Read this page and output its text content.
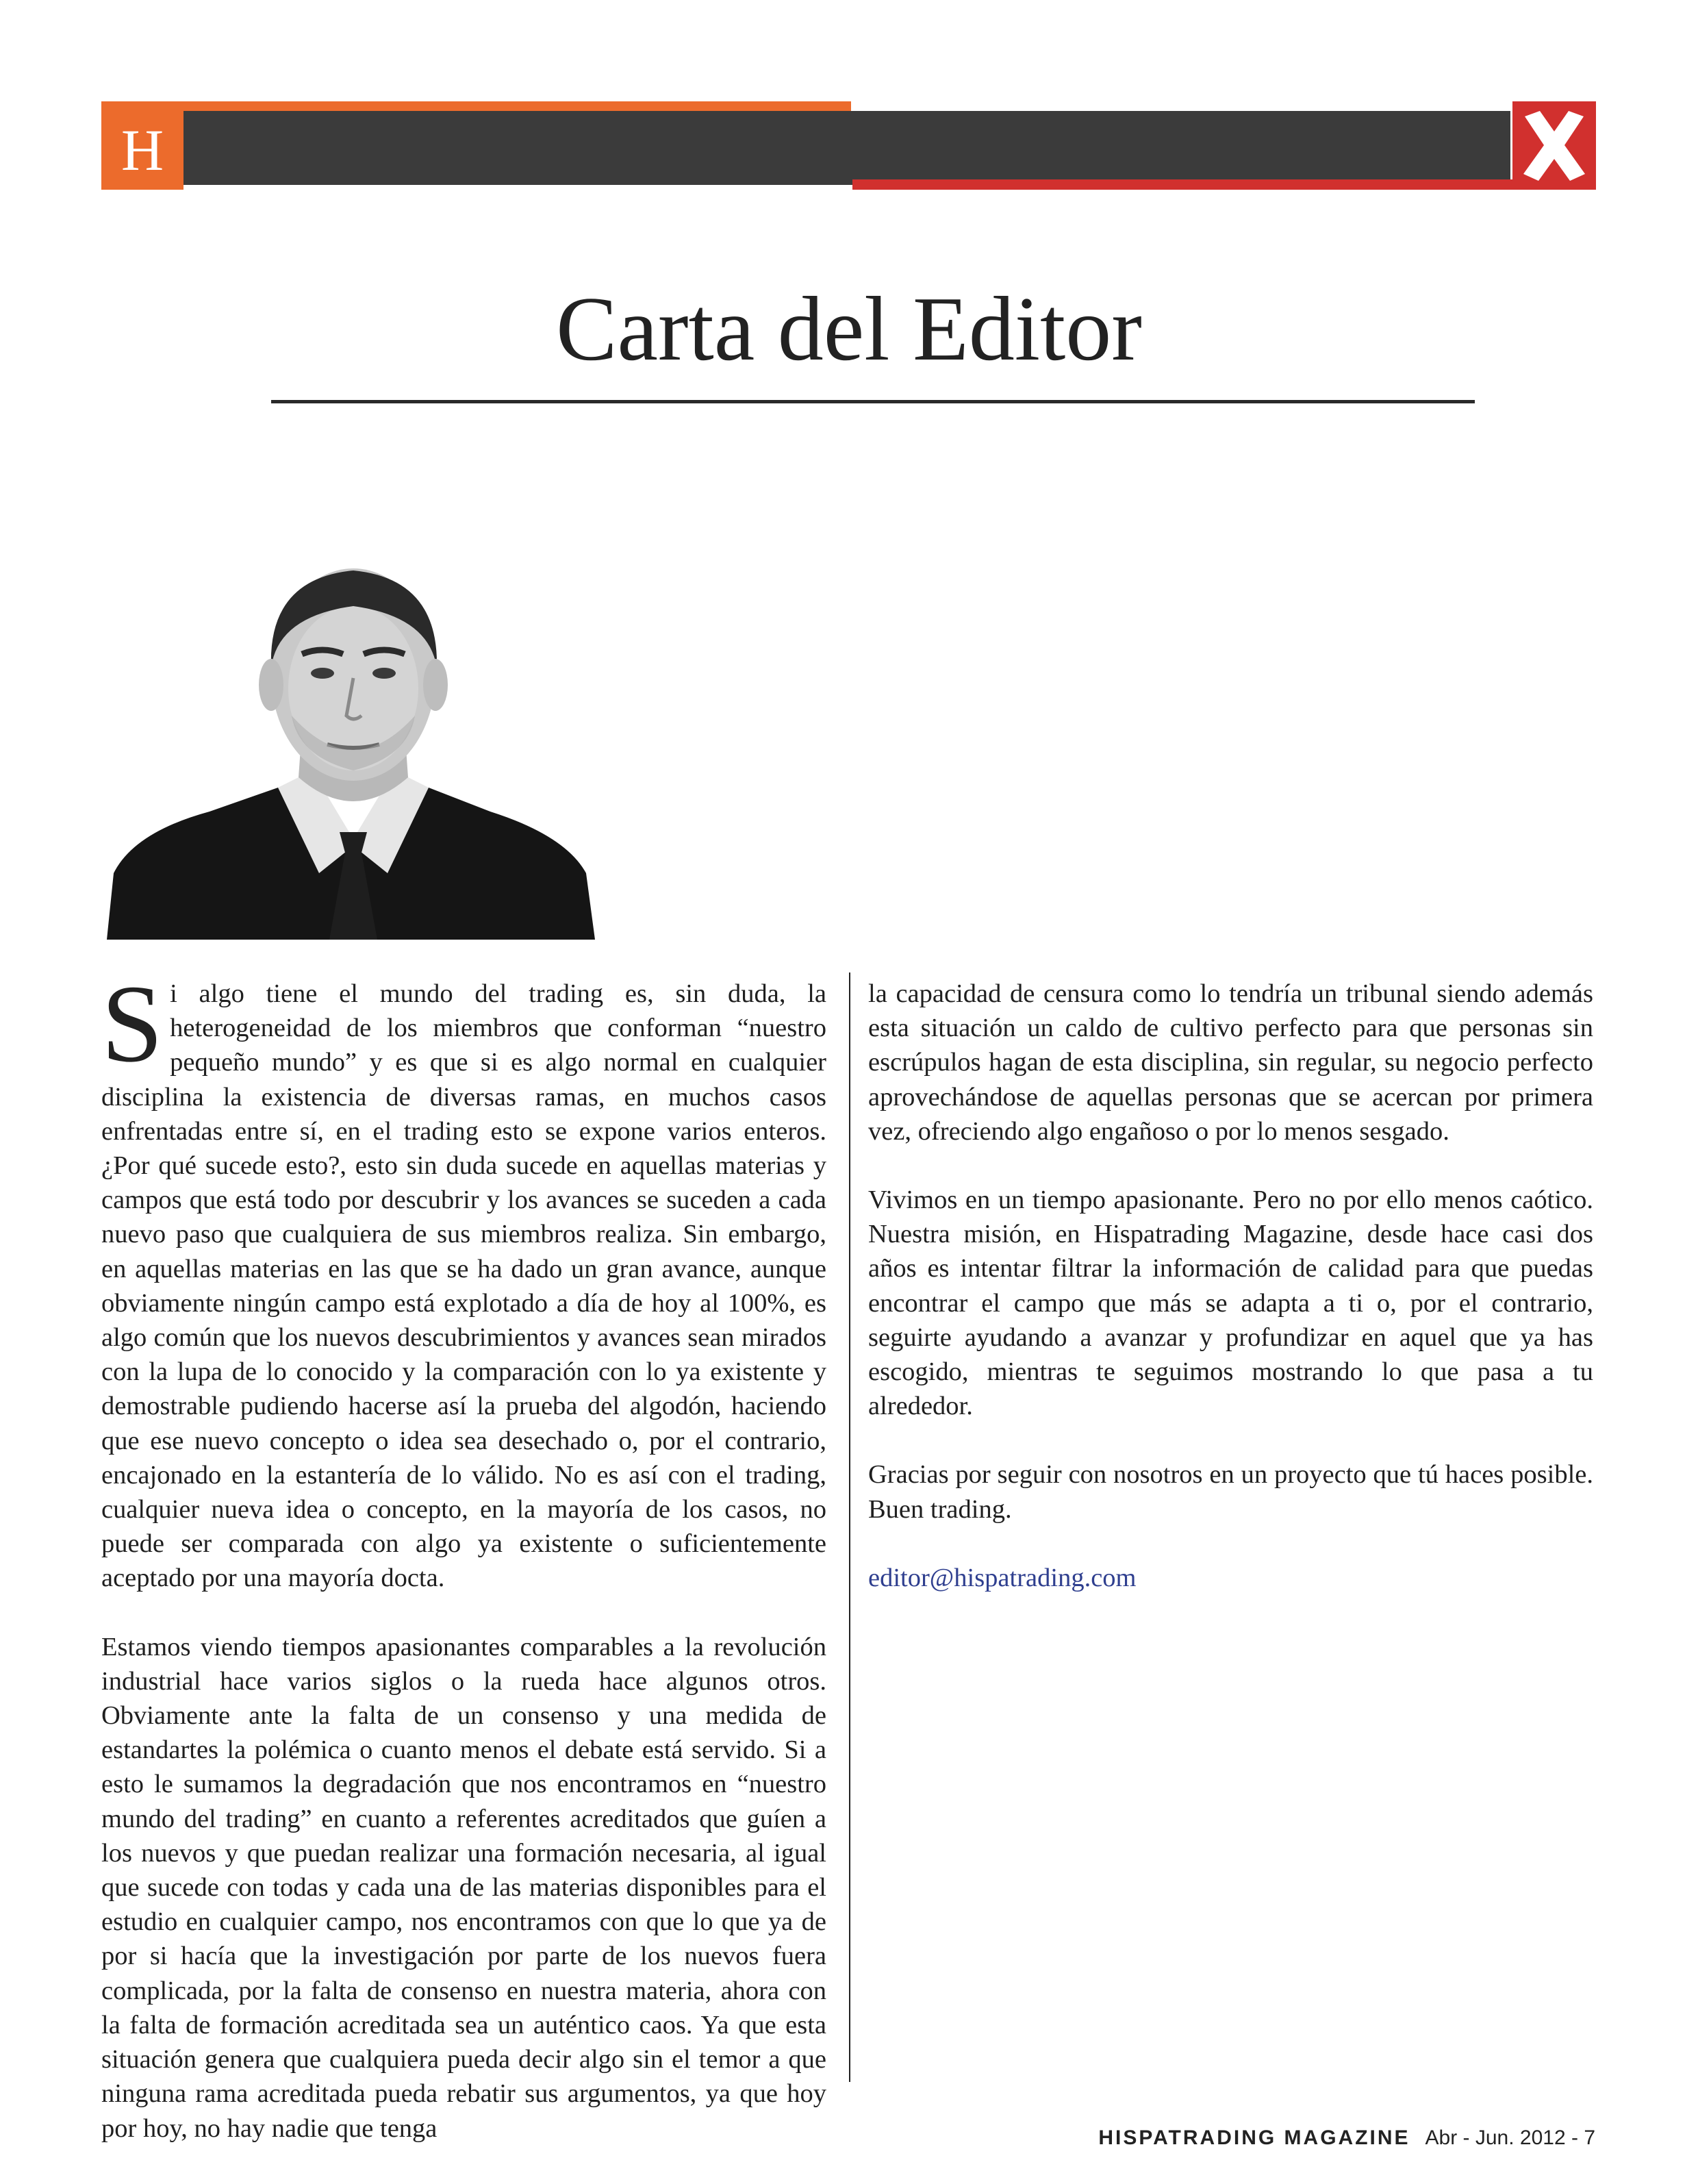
H
Carta del Editor

Si algo tiene el mundo del trading es, sin duda, la heterogeneidad de los miembros que conforman “nuestro pequeño mundo” y es que si es algo normal en cualquier disciplina la existencia de diversas ramas, en muchos casos enfrentadas entre sí, en el trading esto se expone varios enteros. ¿Por qué sucede esto?, esto sin duda sucede en aquellas materias y campos que está todo por descubrir y los avances se suceden a cada nuevo paso que cualquiera de sus miembros realiza. Sin embargo, en aquellas materias en las que se ha dado un gran avance, aunque obviamente ningún campo está explotado a día de hoy al 100%, es algo común que los nuevos descubrimientos y avances sean mirados con la lupa de lo conocido y la comparación con lo ya existente y demostrable pudiendo hacerse así la prueba del algodón, haciendo que ese nuevo concepto o idea sea desechado o, por el contrario, encajonado en la estantería de lo válido. No es así con el trading, cualquier nueva idea o concepto, en la mayoría de los casos, no puede ser comparada con algo ya existente o suficientemente aceptado por una mayoría docta.

Estamos viendo tiempos apasionantes comparables a la revolución industrial hace varios siglos o la rueda hace algunos otros. Obviamente ante la falta de un consenso y una medida de estandartes la polémica o cuanto menos el debate está servido. Si a esto le sumamos la degradación que nos encontramos en “nuestro mundo del trading” en cuanto a referentes acreditados que guíen a los nuevos y que puedan realizar una formación necesaria, al igual que sucede con todas y cada una de las materias disponibles para el estudio en cualquier campo, nos encontramos con que lo que ya de por si hacía que la investigación por parte de los nuevos fuera complicada, por la falta de consenso en nuestra materia, ahora con la falta de formación acreditada sea un auténtico caos. Ya que esta situación genera que cualquiera pueda decir algo sin el temor a que ninguna rama acreditada pueda rebatir sus argumentos, ya que hoy por hoy, no hay nadie que tenga

la capacidad de censura como lo tendría un tribunal siendo además esta situación un caldo de cultivo perfecto para que personas sin escrúpulos hagan de esta disciplina, sin regular, su negocio perfecto aprovechándose de aquellas personas que se acercan por primera vez, ofreciendo algo engañoso o por lo menos sesgado.

Vivimos en un tiempo apasionante. Pero no por ello menos caótico. Nuestra misión, en Hispatrading Magazine, desde hace casi dos años es intentar filtrar la información de calidad para que puedas encontrar el campo que más se adapta a ti o, por el contrario, seguirte ayudando a avanzar y profundizar en aquel que ya has escogido, mientras te seguimos mostrando lo que pasa a tu alrededor.

Gracias por seguir con nosotros en un proyecto que tú haces posible. Buen trading.

editor@hispatrading.com

HISPATRADING MAGAZINE Abr - Jun. 2012 - 7
